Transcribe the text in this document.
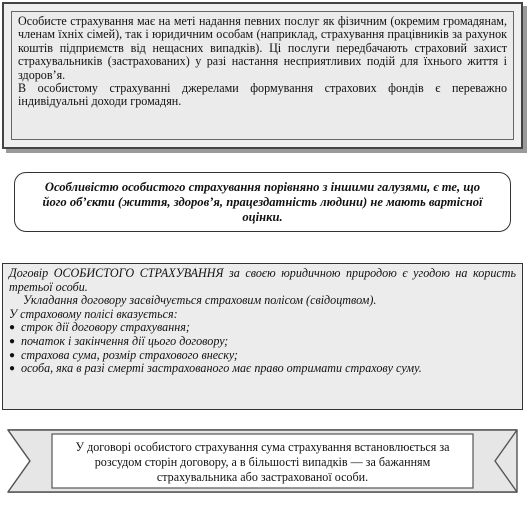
Особисте страхування має на меті надання певних послуг як фізичним (окремим громадянам, членам їхніх сімей), так і юридичним особам (наприклад, страхування працівників за рахунок коштів підприємств від нещасних випадків). Ці послуги передбачають страховий захист страхувальників (застрахованих) у разі настання несприятливих подій для їхнього життя і здоров’я.

В особистому страхуванні джерелами формування страхових фондів є переважно індивідуальні доходи громадян.

Особливістю особистого страхування порівняно з іншими галузями, є те, що його об’єкти (життя, здоров’я, працездатність людини) не мають вартісної оцінки.

Договір ОСОБИСТОГО СТРАХУВАННЯ за своєю юридичною природою є угодою на користь третьої особи.

Укладання договору засвідчується страховим полісом (свідоцтвом).

У страховому полісі вказується:

● строк дії договору страхування;
● початок і закінчення дії цього договору;
● страхова сума, розмір страхового внеску;
● особа, яка в разі смерті застрахованого має право отримати страхову суму.

У договорі особистого страхування сума страхування встановлюється за розсудом сторін договору, а в більшості випадків — за бажанням страхувальника або застрахованої особи.
